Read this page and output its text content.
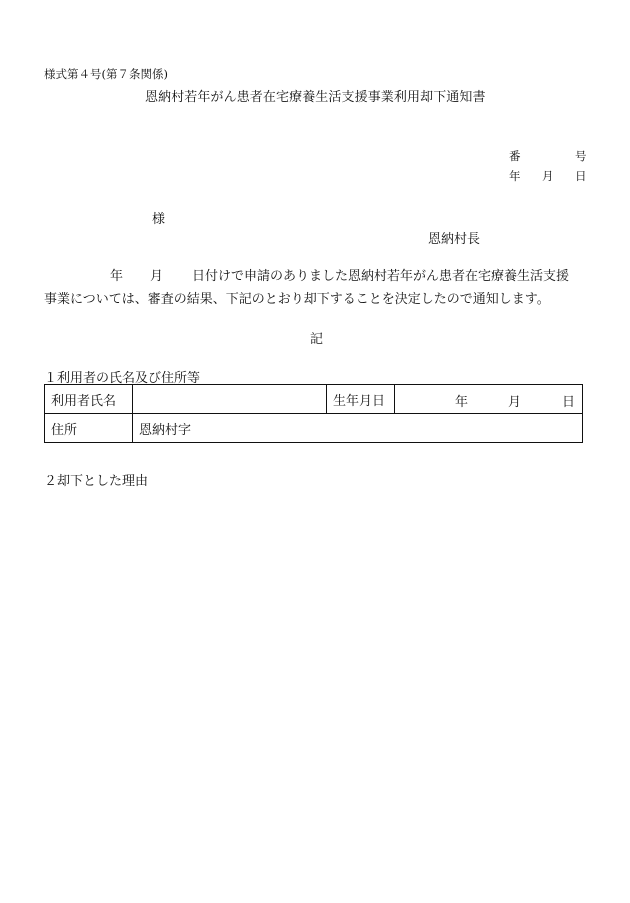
様式第４号(第７条関係)
恩納村若年がん患者在宅療養生活支援事業利用却下通知書
番	号
年 月 日
様
恩納村長
年 月 日付けで申請のありました恩納村若年がん患者在宅療養生活支援
事業については、審査の結果、下記のとおり却下することを決定したので通知します。
記
１利用者の氏名及び住所等
利用者氏名		生年月日	年 月 日

住所	恩納村字		
２却下とした理由
